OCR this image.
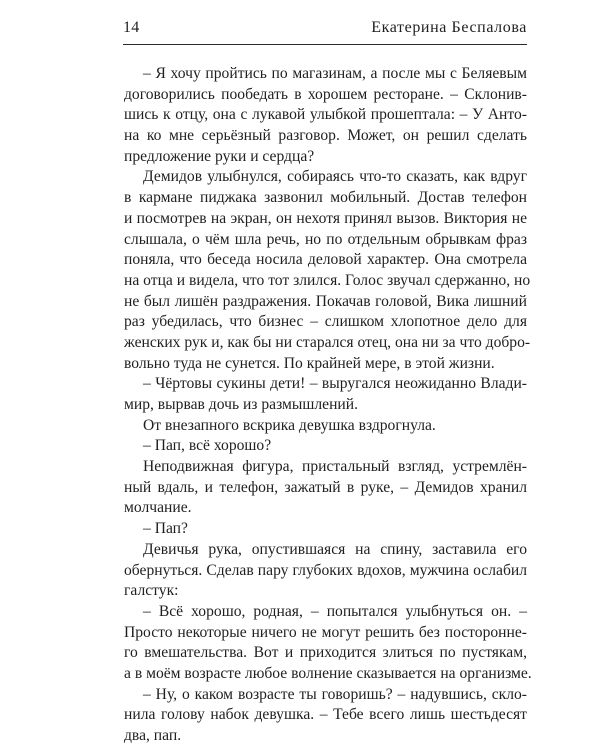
14	Екатерина Беспалова
– Я хочу пройтись по магазинам, а после мы с Беляевым
договорились пообедать в хорошем ресторане. – Склонив-
шись к отцу, она с лукавой улыбкой прошептала: – У Анто-
на ко мне серьёзный разговор. Может, он решил сделать
предложение руки и сердца?
Демидов улыбнулся, собираясь что-то сказать, как вдруг
в кармане пиджака зазвонил мобильный. Достав телефон
и посмотрев на экран, он нехотя принял вызов. Виктория не
слышала, о чём шла речь, но по отдельным обрывкам фраз
поняла, что беседа носила деловой характер. Она смотрела
на отца и видела, что тот злился. Голос звучал сдержанно, но
не был лишён раздражения. Покачав головой, Вика лишний
раз убедилась, что бизнес – слишком хлопотное дело для
женских рук и, как бы ни старался отец, она ни за что добро-
вольно туда не сунется. По крайней мере, в этой жизни.
– Чёртовы сукины дети! – выругался неожиданно Влади-
мир, вырвав дочь из размышлений.
От внезапного вскрика девушка вздрогнула.
– Пап, всё хорошо?
Неподвижная фигура, пристальный взгляд, устремлён-
ный вдаль, и телефон, зажатый в руке, – Демидов хранил
молчание.
– Пап?
Девичья рука, опустившаяся на спину, заставила его
обернуться. Сделав пару глубоких вдохов, мужчина ослабил
галстук:
– Всё хорошо, родная, – попытался улыбнуться он. –
Просто некоторые ничего не могут решить без посторонне-
го вмешательства. Вот и приходится злиться по пустякам,
а в моём возрасте любое волнение сказывается на организме.
– Ну, о каком возрасте ты говоришь? – надувшись, скло-
нила голову набок девушка. – Тебе всего лишь шестьдесят
два, пап.
